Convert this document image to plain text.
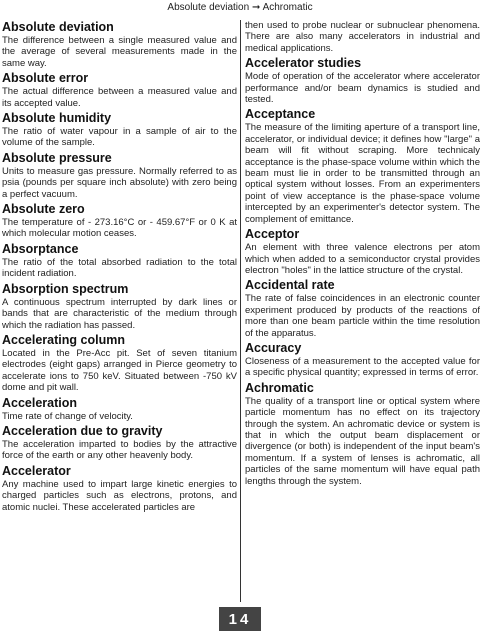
Absolute deviation ➞ Achromatic
Absolute deviation

The difference between a single measured value and the average of several measurements made in the same way.

Absolute error

The actual difference between a measured value and its accepted value.

Absolute humidity

The ratio of water vapour in a sample of air to the volume of the sample.

Absolute pressure

Units to measure gas pressure. Normally referred to as psia (pounds per square inch absolute) with zero being a perfect vacuum.

Absolute zero

The temperature of - 273.16°C or - 459.67°F or 0 K at which molecular motion ceases.

Absorptance

The ratio of the total absorbed radiation to the total incident radiation.

Absorption spectrum

A continuous spectrum interrupted by dark lines or bands that are characteristic of the medium through which the radiation has passed.

Accelerating column

Located in the Pre-Acc pit. Set of seven titanium electrodes (eight gaps) arranged in Pierce geometry to accelerate ions to 750 keV. Situated between -750 kV dome and pit wall.

Acceleration

Time rate of change of velocity.

Acceleration due to gravity

The acceleration imparted to bodies by the attractive force of the earth or any other heavenly body.

Accelerator

Any machine used to impart large kinetic energies to charged particles such as electrons, protons, and atomic nuclei. These accelerated particles are

then used to probe nuclear or subnuclear phenomena. There are also many accelerators in industrial and medical applications.

Accelerator studies

Mode of operation of the accelerator where accelerator performance and/or beam dynamics is studied and tested.

Acceptance

The measure of the limiting aperture of a transport line, accelerator, or individual device; it defines how "large" a beam will fit without scraping. More technicaly acceptance is the phase-space volume within which the beam must lie in order to be transmitted through an optical system without losses. From an experimenters point of view acceptance is the phase-space volume intercepted by an experimenter's detector system. The complement of emittance.

Acceptor

An element with three valence electrons per atom which when added to a semiconductor crystal provides electron "holes" in the lattice structure of the crystal.

Accidental rate

The rate of false coincidences in an electronic counter experiment produced by products of the reactions of more than one beam particle within the time resolution of the apparatus.

Accuracy

Closeness of a measurement to the accepted value for a specific physical quantity; expressed in terms of error.

Achromatic

The quality of a transport line or optical system where particle momentum has no effect on its trajectory through the system. An achromatic device or system is that in which the output beam displacement or divergence (or both) is independent of the input beam's momentum. If a system of lenses is achromatic, all particles of the same momentum will have equal path lengths through the system.

14
